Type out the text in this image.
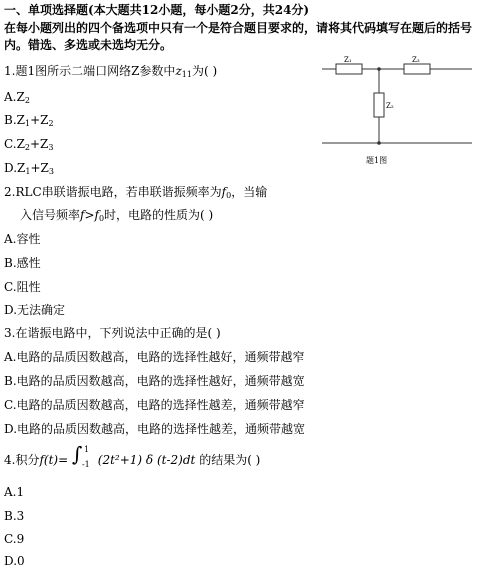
一、单项选择题(本大题共12小题，每小题2分，共24分)
在每小题列出的四个备选项中只有一个是符合题目要求的，请将其代码填写在题后的括号
内。错选、多选或未选均无分。
1.题1图所示二端口网络Z参数中$z_{11}$为( )
$A.Z_2$
$B.Z_1+Z_2$
$C.Z_2+Z_3$
$D.Z_1+Z_3$
Z₁	Z₃
Z₂
题1图
2.RLC串联谐振电路，若串联谐振频率为$f_0$，当输
入信号频率$f>f_0$时，电路的性质为( )
A.容性
B.感性
C.阻性
D.无法确定
3.在谐振电路中，下列说法中正确的是( )
A.电路的品质因数越高，电路的选择性越好，通频带越窄
B.电路的品质因数越高，电路的选择性越好，通频带越宽
C.电路的品质因数越高，电路的选择性越差，通频带越窄
D.电路的品质因数越高，电路的选择性越差，通频带越宽
4.积分f(t)= ∫ 1
-1 (2t²+1) δ (t-2)dt 的结果为( )
A.1
B.3
C.9
D.0
